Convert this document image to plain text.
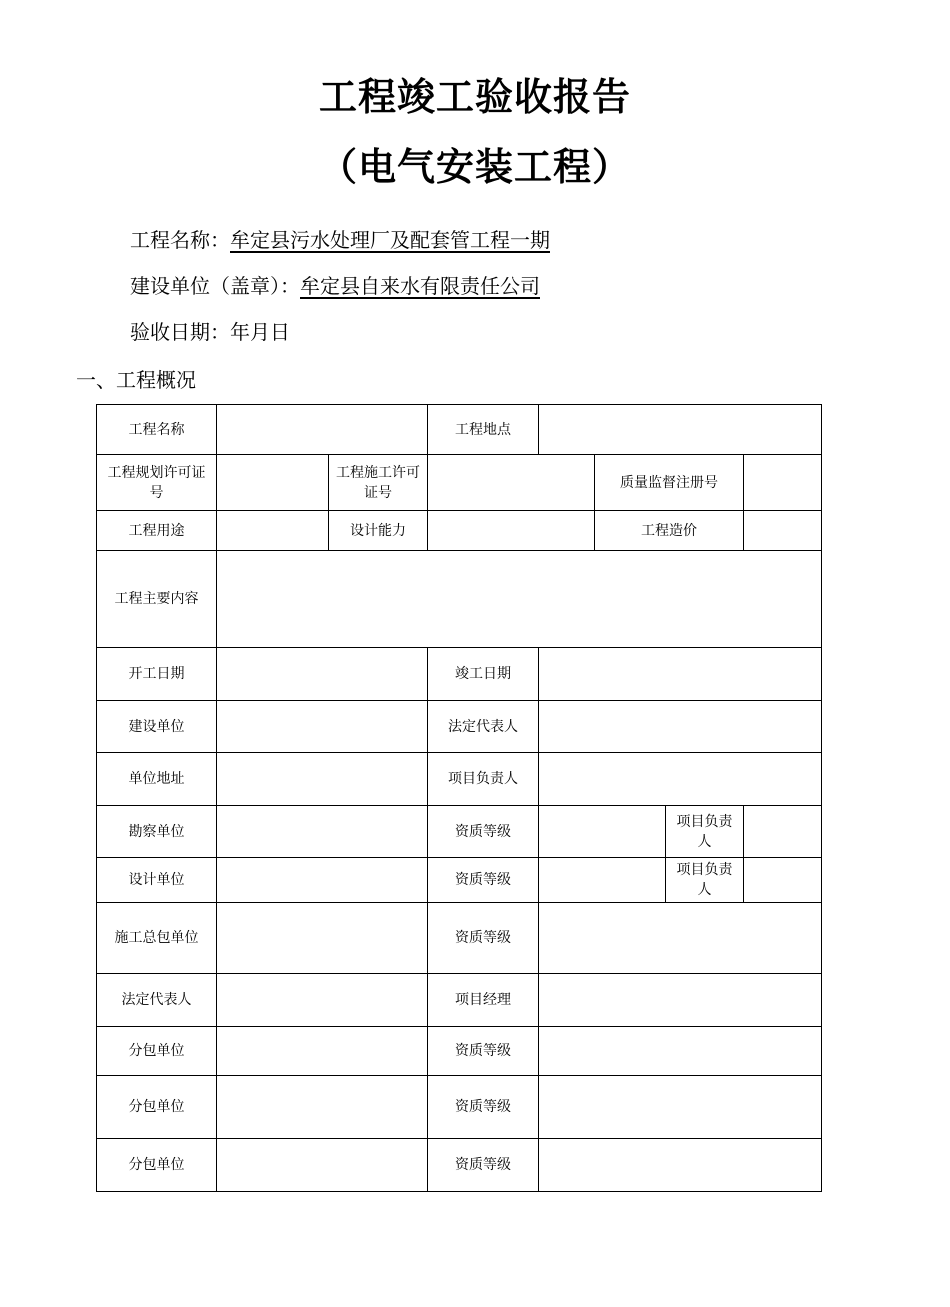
工程竣工验收报告
（电气安装工程）
工程名称：牟定县污水处理厂及配套管工程一期
建设单位（盖章）：牟定县自来水有限责任公司
验收日期：年月日
一、工程概况
工程名称			工程地点				
工程规划许可证号		工程施工许可证号			质量监督注册号		
工程用途		设计能力			工程造价		
工程主要内容							
开工日期			竣工日期				
建设单位			法定代表人				
单位地址			项目负责人				
勘察单位			资质等级			项目负责人	
设计单位			资质等级			项目负责人	
施工总包单位			资质等级				
法定代表人			项目经理				
分包单位			资质等级				
分包单位			资质等级				
分包单位			资质等级				
